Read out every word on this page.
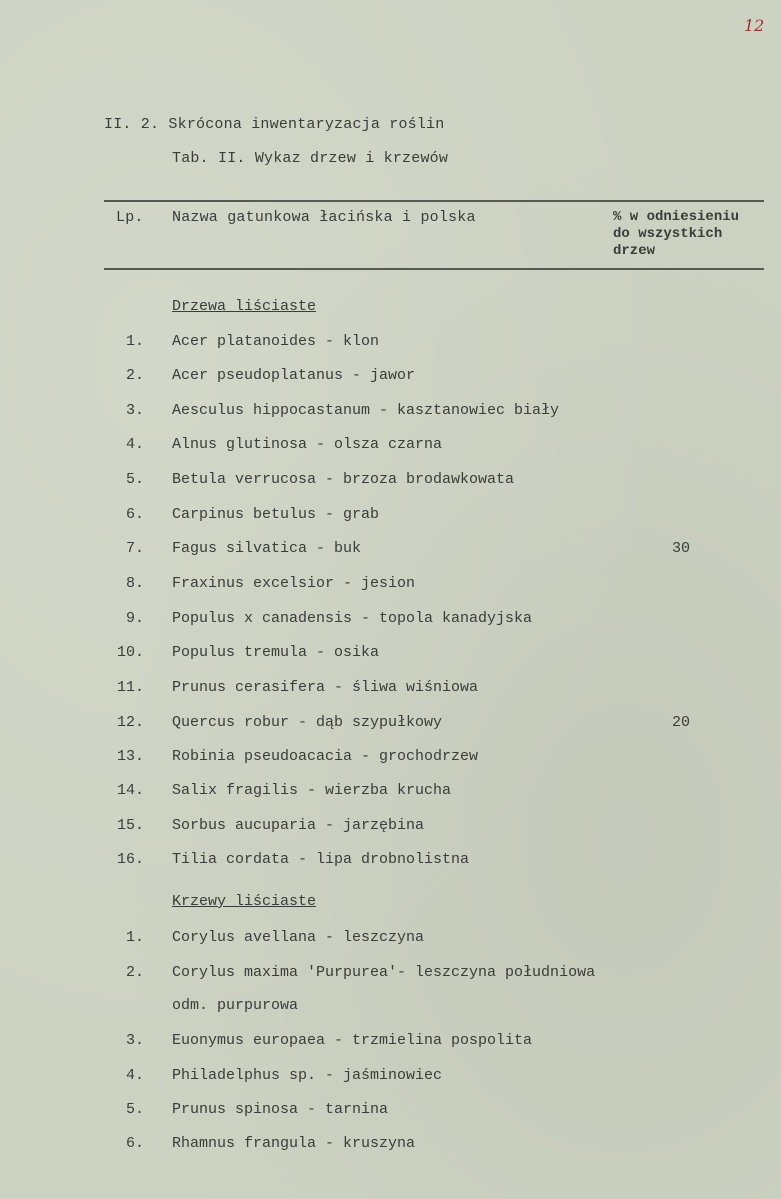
12
II. 2. Skrócona inwentaryzacja roślin
Tab. II. Wykaz drzew i krzewów
Lp. Nazwa gatunkowa łacińska i polska	% w odniesieniu
do wszystkich
drzew
Drzewa liściaste
1. Acer platanoides - klon
2. Acer pseudoplatanus - jawor
3. Aesculus hippocastanum - kasztanowiec biały
4. Alnus glutinosa - olsza czarna
5. Betula verrucosa - brzoza brodawkowata
6. Carpinus betulus - grab
7. Fagus silvatica - buk	30
8. Fraxinus excelsior - jesion
9. Populus x canadensis - topola kanadyjska
10. Populus tremula - osika
11. Prunus cerasifera - śliwa wiśniowa
12. Quercus robur - dąb szypułkowy	20
13. Robinia pseudoacacia - grochodrzew
14. Salix fragilis - wierzba krucha
15. Sorbus aucuparia - jarzębina
16. Tilia cordata - lipa drobnolistna
Krzewy liściaste
1. Corylus avellana - leszczyna
2. Corylus maxima 'Purpurea'- leszczyna południowa
odm. purpurowa
3. Euonymus europaea - trzmielina pospolita
4. Philadelphus sp. - jaśminowiec
5. Prunus spinosa - tarnina
6. Rhamnus frangula - kruszyna
